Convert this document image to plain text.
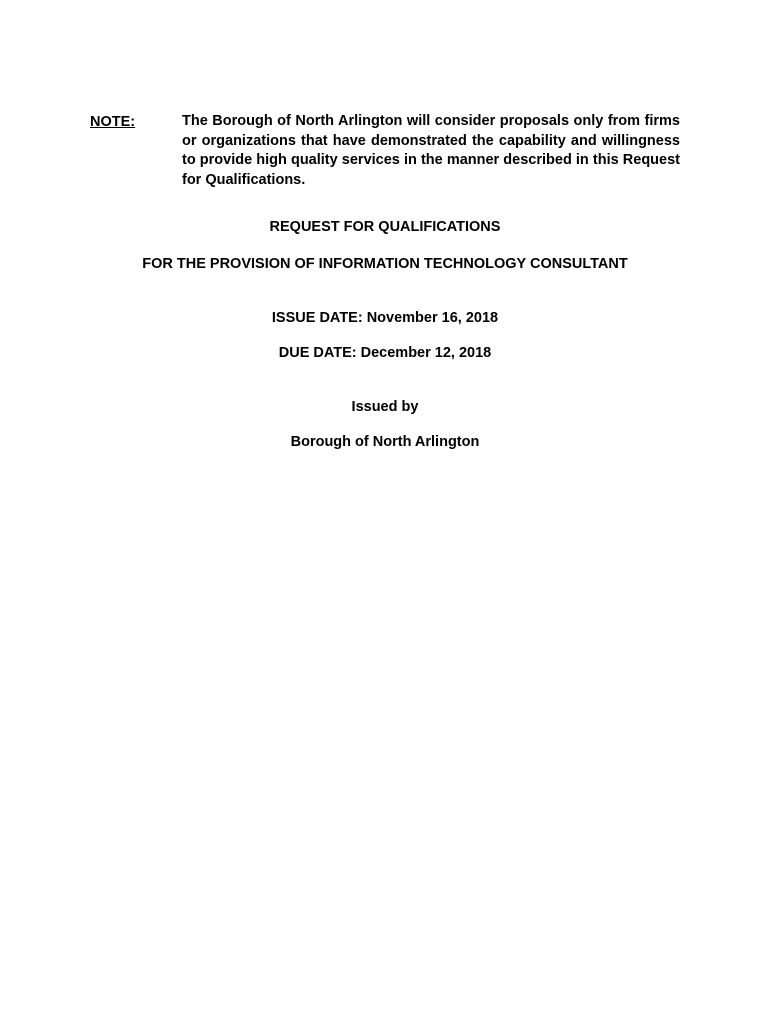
NOTE:	The Borough of North Arlington will consider proposals only from firms or organizations that have demonstrated the capability and willingness to provide high quality services in the manner described in this Request for Qualifications.
REQUEST FOR QUALIFICATIONS
FOR THE PROVISION OF INFORMATION TECHNOLOGY CONSULTANT
ISSUE DATE: November 16, 2018
DUE DATE: December 12, 2018
Issued by
Borough of North Arlington
